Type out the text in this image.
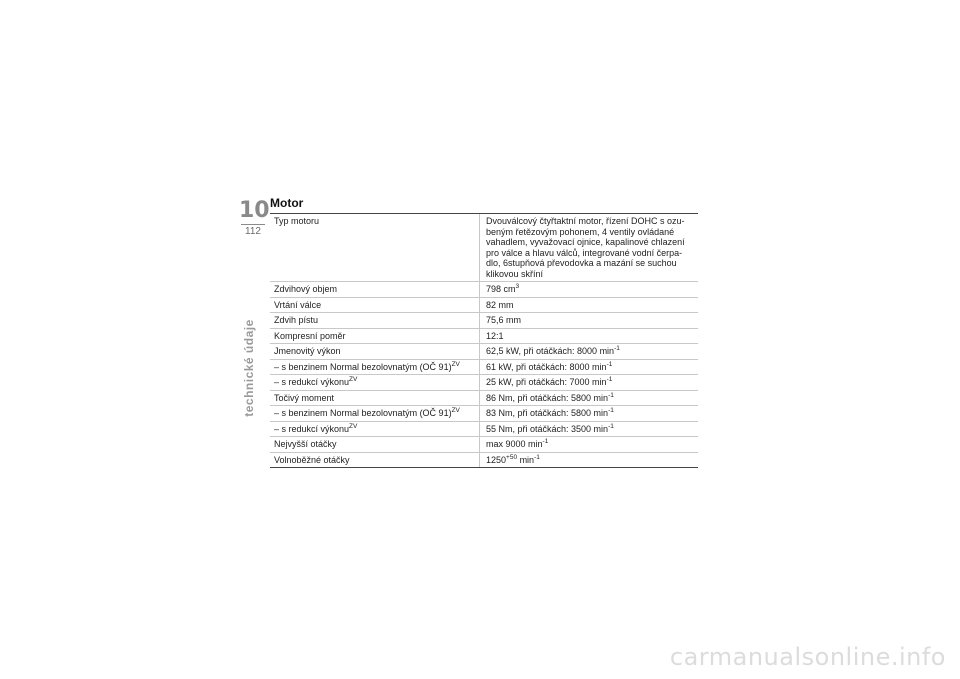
10
112
technické údaje
Motor
Typ motoru	Dvouválcový čtyřtaktní motor, řízení DOHC s ozu-
beným řetězovým pohonem, 4 ventily ovládané
vahadlem, vyvažovací ojnice, kapalinové chlazení
pro válce a hlavu válců, integrované vodní čerpa-
dlo, 6stupňová převodovka a mazání se suchou
klikovou skříní
Zdvihový objem	798 $cm^3$
Vrtání válce	82 mm
Zdvih pístu	75,6 mm
Kompresní poměr	12:1
Jmenovitý výkon	62,5 kW, při otáčkách: 8000 $\min^{-1}$
– s benzinem Normal bezolovnatým (OČ 91)$^{ZV}$	61 kW, při otáčkách: 8000 $\min^{-1}$
– s redukcí výkonu$^{ZV}$	25 kW, při otáčkách: 7000 $\min^{-1}$
Točivý moment	86 Nm, při otáčkách: 5800 $\min^{-1}$
– s benzinem Normal bezolovnatým (OČ 91)$^{ZV}$	83 Nm, při otáčkách: 5800 $\min^{-1}$
– s redukcí výkonu$^{ZV}$	55 Nm, při otáčkách: 3500 $\min^{-1}$
Nejvyšší otáčky	max 9000 $\min^{-1}$
Volnoběžné otáčky	$1250^{+50}$ $\min^{-1}$
carmanualsonline.info
